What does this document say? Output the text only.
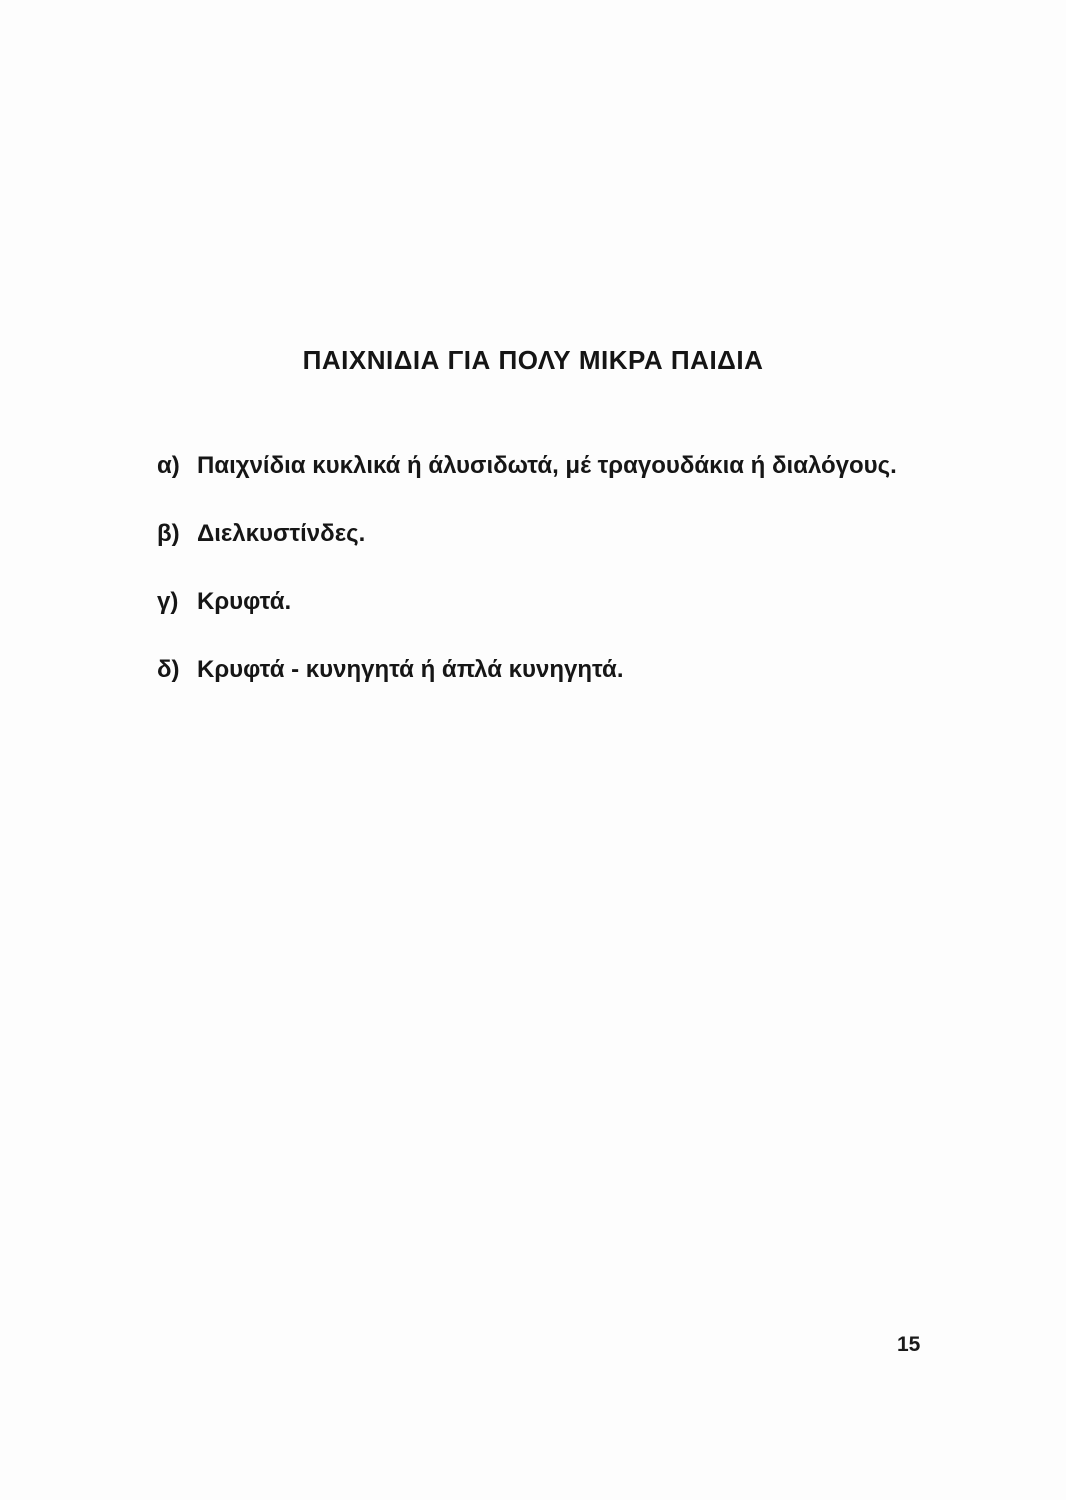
ΠΑΙΧΝΙΔΙΑ ΓΙΑ ΠΟΛΥ ΜΙΚΡΑ ΠΑΙΔΙΑ
α) Παιχνίδια κυκλικά ή άλυσιδωτά, μέ τραγουδάκια ή διαλόγους.
β) Διελκυστίνδες.
γ) Κρυφτά.
δ) Κρυφτά - κυνηγητά ή άπλά κυνηγητά.
15
